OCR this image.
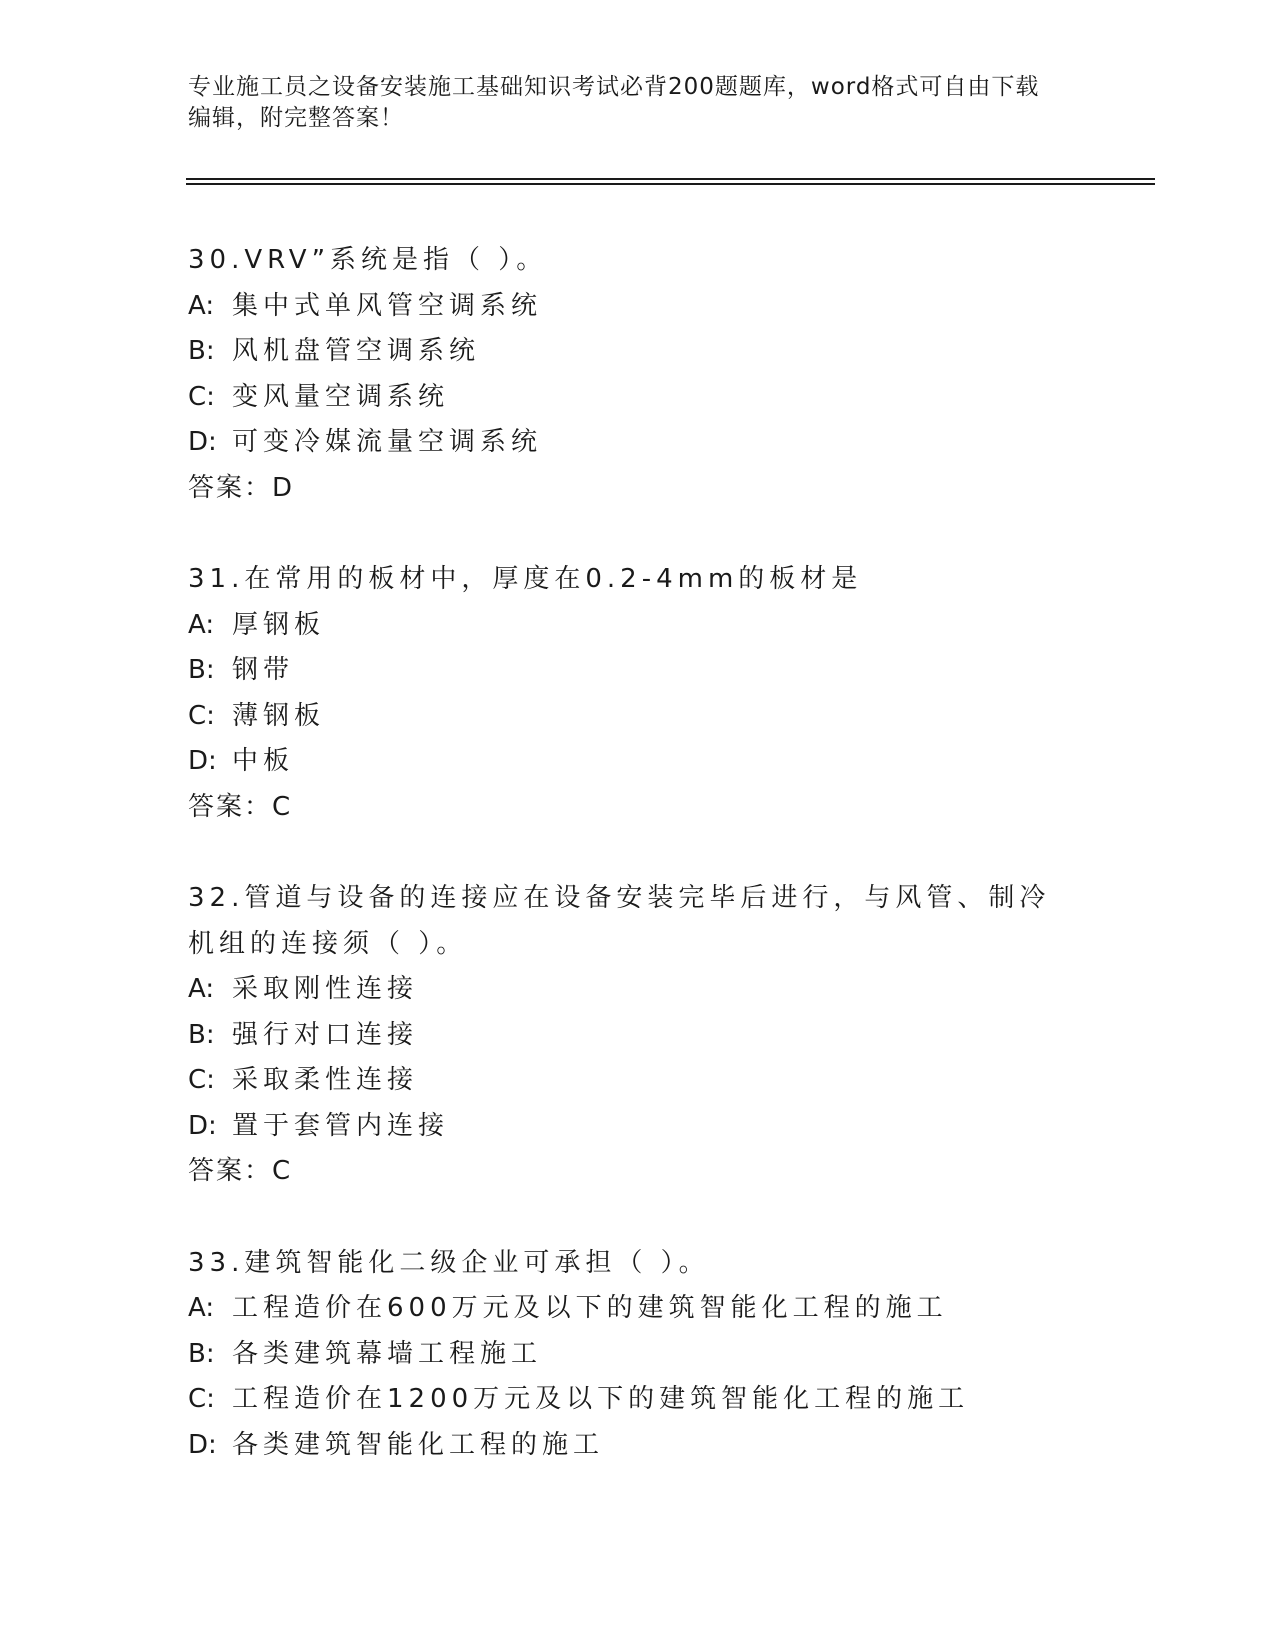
专业施工员之设备安装施工基础知识考试必背200题题库，word格式可自由下载
编辑，附完整答案！
30.VRV”系统是指（ ）。
A: 集中式单风管空调系统
B: 风机盘管空调系统
C: 变风量空调系统
D: 可变冷媒流量空调系统
答案：D
31.在常用的板材中，厚度在0.2-4mm的板材是
A: 厚钢板
B: 钢带
C: 薄钢板
D: 中板
答案：C
32.管道与设备的连接应在设备安装完毕后进行，与风管、制冷机组的连接须（ ）。
A: 采取刚性连接
B: 强行对口连接
C: 采取柔性连接
D: 置于套管内连接
答案：C
33.建筑智能化二级企业可承担（ ）。
A: 工程造价在600万元及以下的建筑智能化工程的施工
B: 各类建筑幕墙工程施工
C: 工程造价在1200万元及以下的建筑智能化工程的施工
D: 各类建筑智能化工程的施工
